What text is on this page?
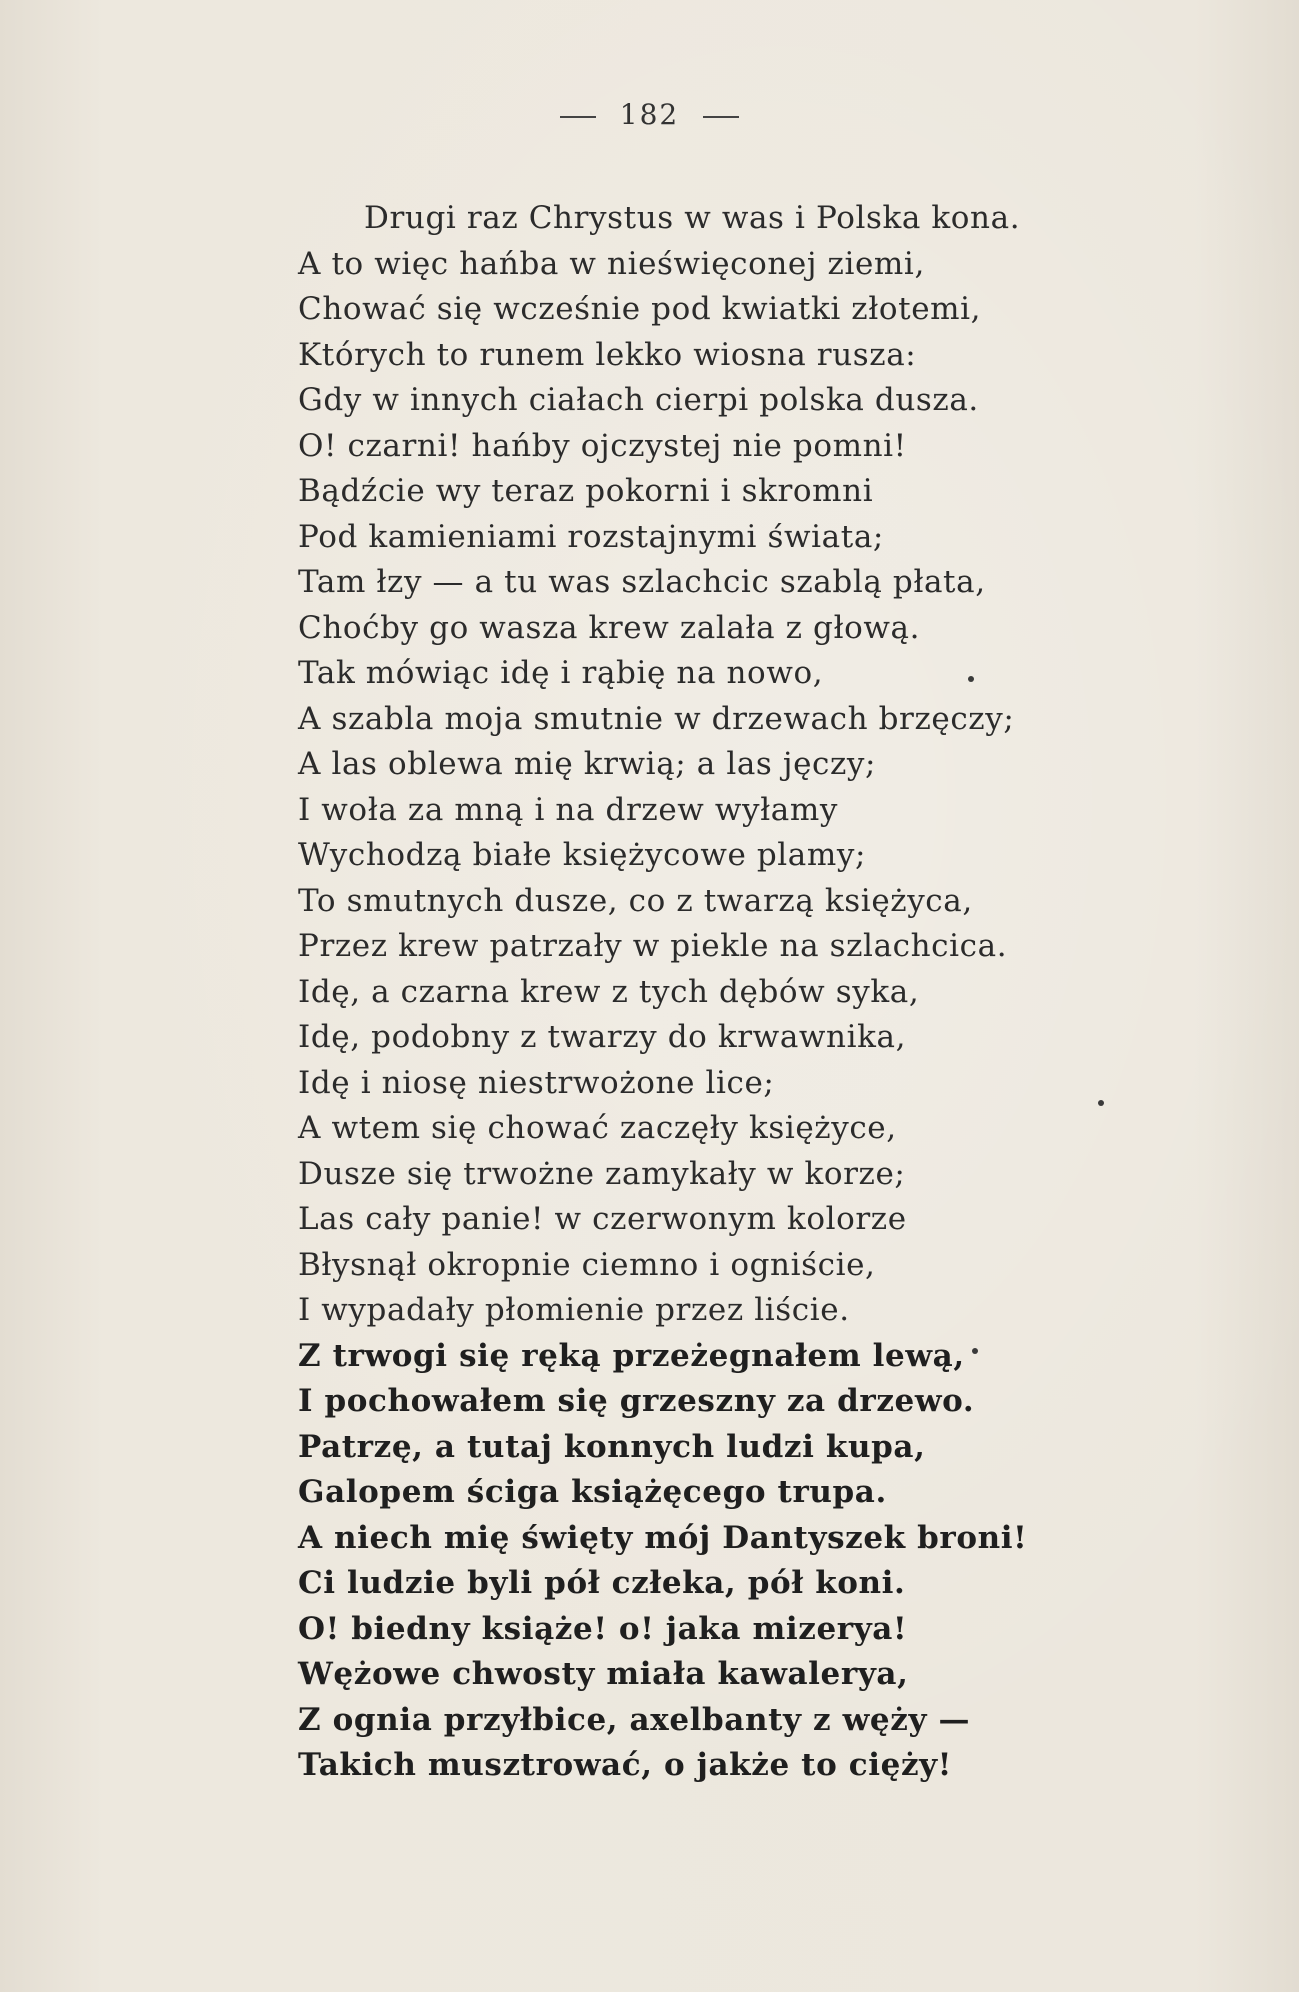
182
Drugi raz Chrystus w was i Polska kona.
A to więc hańba w nieświęconej ziemi,
Chować się wcześnie pod kwiatki złotemi,
Których to runem lekko wiosna rusza:
Gdy w innych ciałach cierpi polska dusza.
O! czarni! hańby ojczystej nie pomni!
Bądźcie wy teraz pokorni i skromni
Pod kamieniami rozstajnymi świata;
Tam łzy — a tu was szlachcic szablą płata,
Choćby go wasza krew zalała z głową.
Tak mówiąc idę i rąbię na nowo,
A szabla moja smutnie w drzewach brzęczy;
A las oblewa mię krwią; a las jęczy;
I woła za mną i na drzew wyłamy
Wychodzą białe księżycowe plamy;
To smutnych dusze, co z twarzą księżyca,
Przez krew patrzały w piekle na szlachcica.
Idę, a czarna krew z tych dębów syka,
Idę, podobny z twarzy do krwawnika,
Idę i niosę niestrwożone lice;
A wtem się chować zaczęły księżyce,
Dusze się trwożne zamykały w korze;
Las cały panie! w czerwonym kolorze
Błysnął okropnie ciemno i ogniście,
I wypadały płomienie przez liście.
Z trwogi się ręką przeżegnałem lewą,
I pochowałem się grzeszny za drzewo.
Patrzę, a tutaj konnych ludzi kupa,
Galopem ściga książęcego trupa.
A niech mię święty mój Dantyszek broni!
Ci ludzie byli pół człeka, pół koni.
O! biedny książe! o! jaka mizerya!
Wężowe chwosty miała kawalerya,
Z ognia przyłbice, axelbanty z węży —
Takich musztrować, o jakże to cięży!
